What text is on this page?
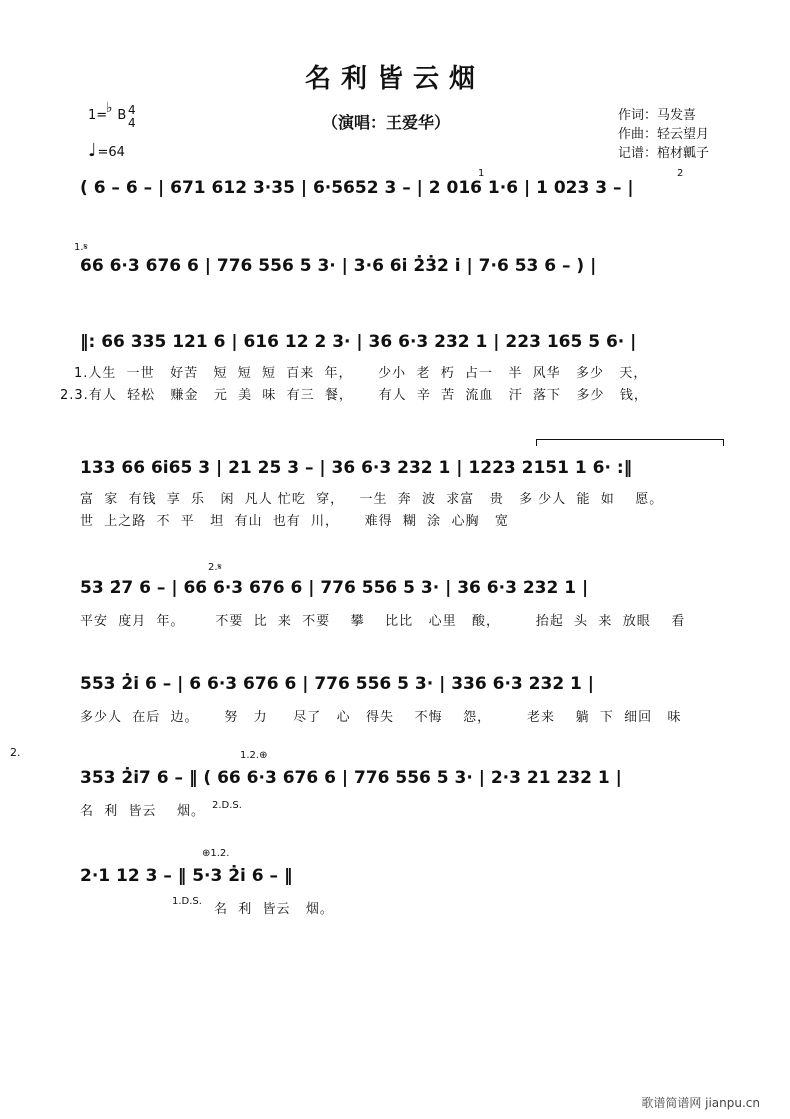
名利皆云烟
（演唱：王爱华）	作词：马发喜
作曲：轻云望月
记谱：棺材瓤子
1=
♭ B 4
4
♩=64
( 6 – 6 – | 671 612 3·35 | 6·5652 3 – | 2 016 1·6 | 1 023 3 – |
1	2
1.𝄋
66 6·3 676 6 | 776 556 5 3· | 3·6 6i 2̇3̇2 i | 7·6 53 6 – ) |
‖: 66 335 121 6 | 616 12 2 3· | 36 6·3 232 1 | 223 165 5 6· |
1.人生  一世   好苦   短  短  短  百来  年，     少小  老  朽  占一   半  风华   多少   天，
2.3.有人  轻松   赚金   元  美  味  有三  餐，     有人  辛  苦  流血   汗  落下   多少   钱，
133 66 6i65 3 | 21 25 3 – | 36 6·3 232 1 | 1223 2151 1 6· :‖
富  家  有钱  享  乐   闲  凡人 忙吃  穿，   一生  奔  波  求富   贵   多 少人  能  如    愿。
世  上之路  不  平   坦  有山  也有  川，     难得  糊  涂  心胸   宽
2.𝄋
53 2̇7 6 – | 66 6·3 676 6 | 776 556 5 3· | 36 6·3 232 1 |
平安  度月  年。      不要  比  来  不要    攀    比比   心里   酸，       抬起  头  来  放眼    看
553 2̇i 6 – | 6 6·3 676 6 | 776 556 5 3· | 336 6·3 232 1 |
多少人  在后  边。     努   力     尽了   心   得失    不悔    怨，       老来    躺  下  细回   味
2.	1.2.⊕
353 2̇i7 6 – ‖ ( 66 6·3 676 6 | 776 556 5 3· | 2·3 21 232 1 |
名  利  皆云    烟。 2.D.S.
⊕1.2.
2·1 12 3 – ‖ 5·3 2̇i 6 – ‖
1.D.S.
名  利  皆云   烟。
歌谱简谱网 jianpu.cn
